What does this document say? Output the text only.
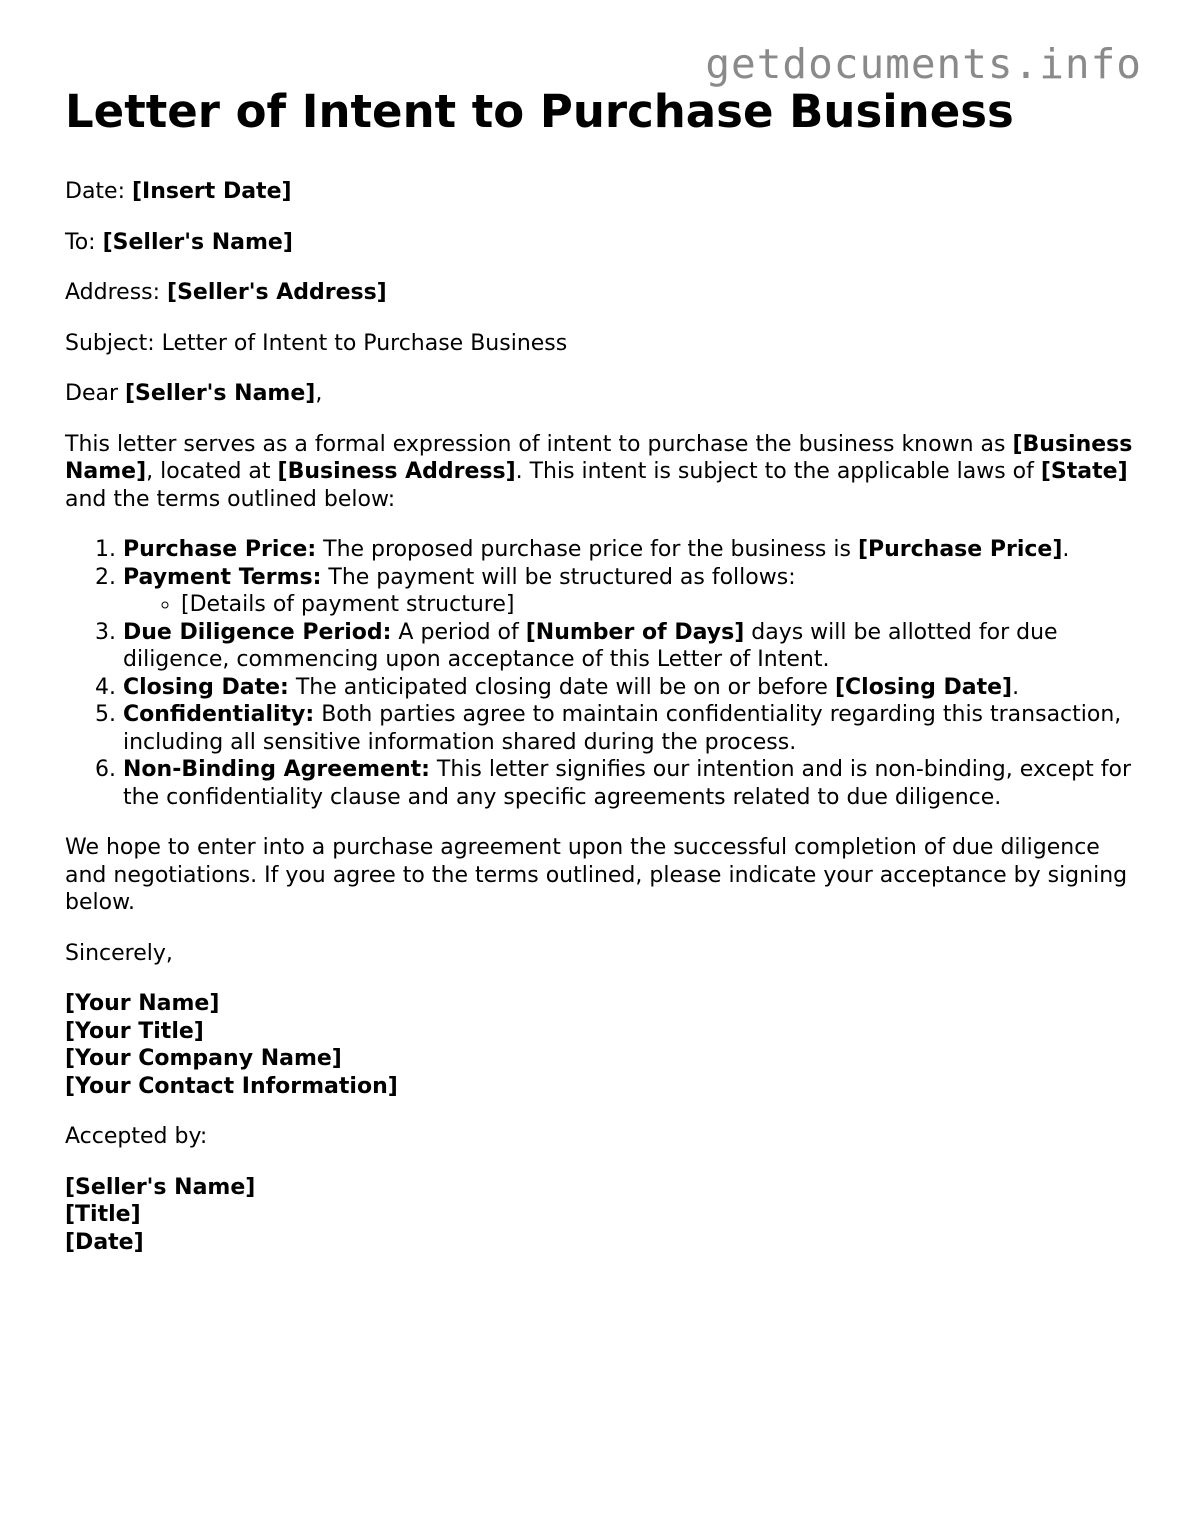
getdocuments.info
Letter of Intent to Purchase Business

Date: [Insert Date]

To: [Seller's Name]

Address: [Seller's Address]

Subject: Letter of Intent to Purchase Business

Dear [Seller's Name],

This letter serves as a formal expression of intent to purchase the business known as [Business Name], located at [Business Address]. This intent is subject to the applicable laws of [State] and the terms outlined below:

1. Purchase Price: The proposed purchase price for the business is [Purchase Price].
2. Payment Terms: The payment will be structured as follows:
◦ [Details of payment structure]
3. Due Diligence Period: A period of [Number of Days] days will be allotted for due diligence, commencing upon acceptance of this Letter of Intent.
4. Closing Date: The anticipated closing date will be on or before [Closing Date].
5. Confidentiality: Both parties agree to maintain confidentiality regarding this transaction, including all sensitive information shared during the process.
6. Non-Binding Agreement: This letter signifies our intention and is non-binding, except for the confidentiality clause and any specific agreements related to due diligence.

We hope to enter into a purchase agreement upon the successful completion of due diligence and negotiations. If you agree to the terms outlined, please indicate your acceptance by signing below.

Sincerely,

[Your Name]
[Your Title]
[Your Company Name]
[Your Contact Information]

Accepted by:

[Seller's Name]
[Title]
[Date]
